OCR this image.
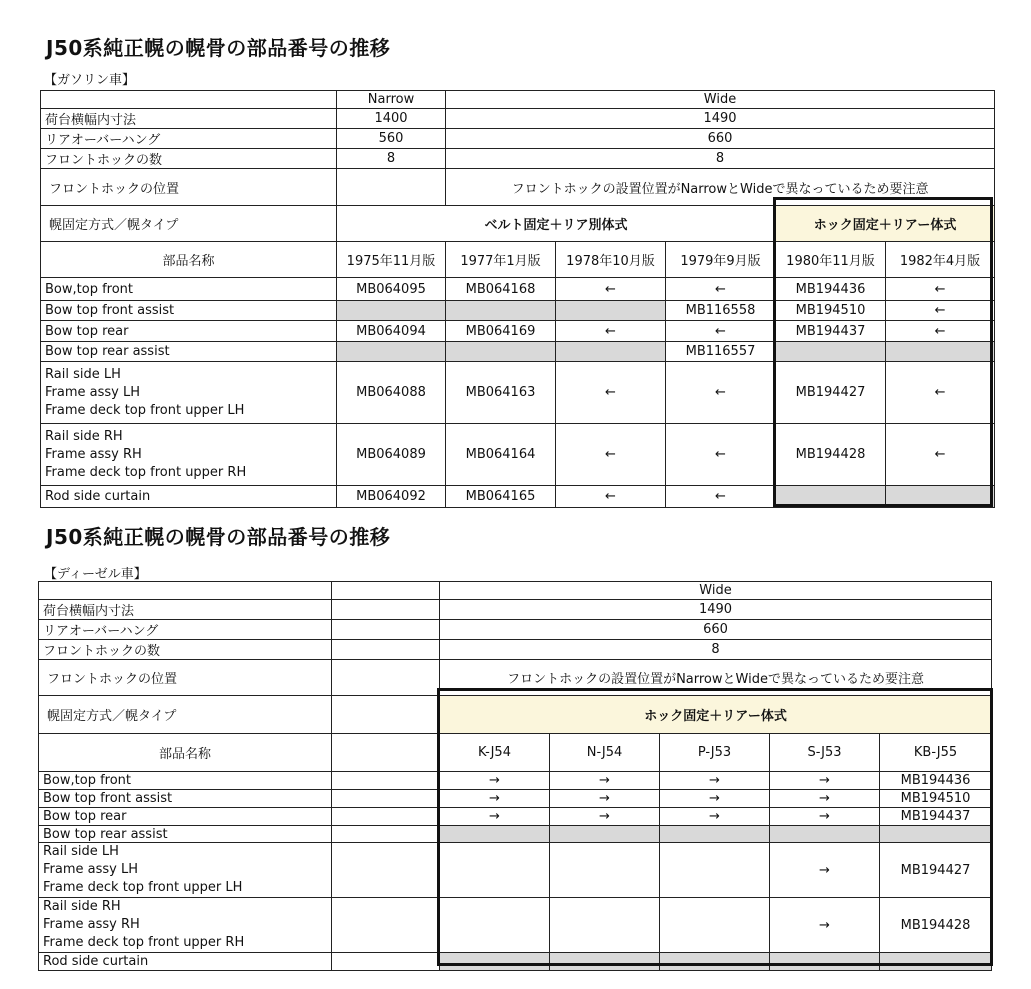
J50系純正幌の幌骨の部品番号の推移
【ガソリン車】
	Narrow	Wide				
荷台横幅内寸法	1400	1490				
リアオーバーハング	560	660				
フロントホックの数	8	8				
フロントホックの位置		フロントホックの設置位置がNarrowとWideで異なっているため要注意				
幌固定方式／幌タイプ	ベルト固定＋リア別体式				ホック固定＋リアー体式	
部品名称	1975年11月版	1977年1月版	1978年10月版	1979年9月版	1980年11月版	1982年4月版
Bow,top front	MB064095	MB064168	←	←	MB194436	←
Bow top front assist				MB116558	MB194510	←
Bow top rear	MB064094	MB064169	←	←	MB194437	←
Bow top rear assist				MB116557		

Rail side LH
Frame assy LH
Frame deck top front upper LH	MB064088	MB064163	←	←	MB194427	←

Rail side RH
Frame assy RH
Frame deck top front upper RH	MB064089	MB064164	←	←	MB194428	←
Rod side curtain	MB064092	MB064165	←	←		
J50系純正幌の幌骨の部品番号の推移
【ディーゼル車】
		Wide				
荷台横幅内寸法		1490				
リアオーバーハング		660				
フロントホックの数		8				
フロントホックの位置		フロントホックの設置位置がNarrowとWideで異なっているため要注意				
幌固定方式／幌タイプ		ホック固定＋リアー体式				
部品名称		K-J54	N-J54	P-J53	S-J53	KB-J55
Bow,top front		→	→	→	→	MB194436
Bow top front assist		→	→	→	→	MB194510
Bow top rear		→	→	→	→	MB194437
Bow top rear assist						

Rail side LH
Frame assy LH
Frame deck top front upper LH					→	MB194427

Rail side RH
Frame assy RH
Frame deck top front upper RH					→	MB194428
Rod side curtain						
